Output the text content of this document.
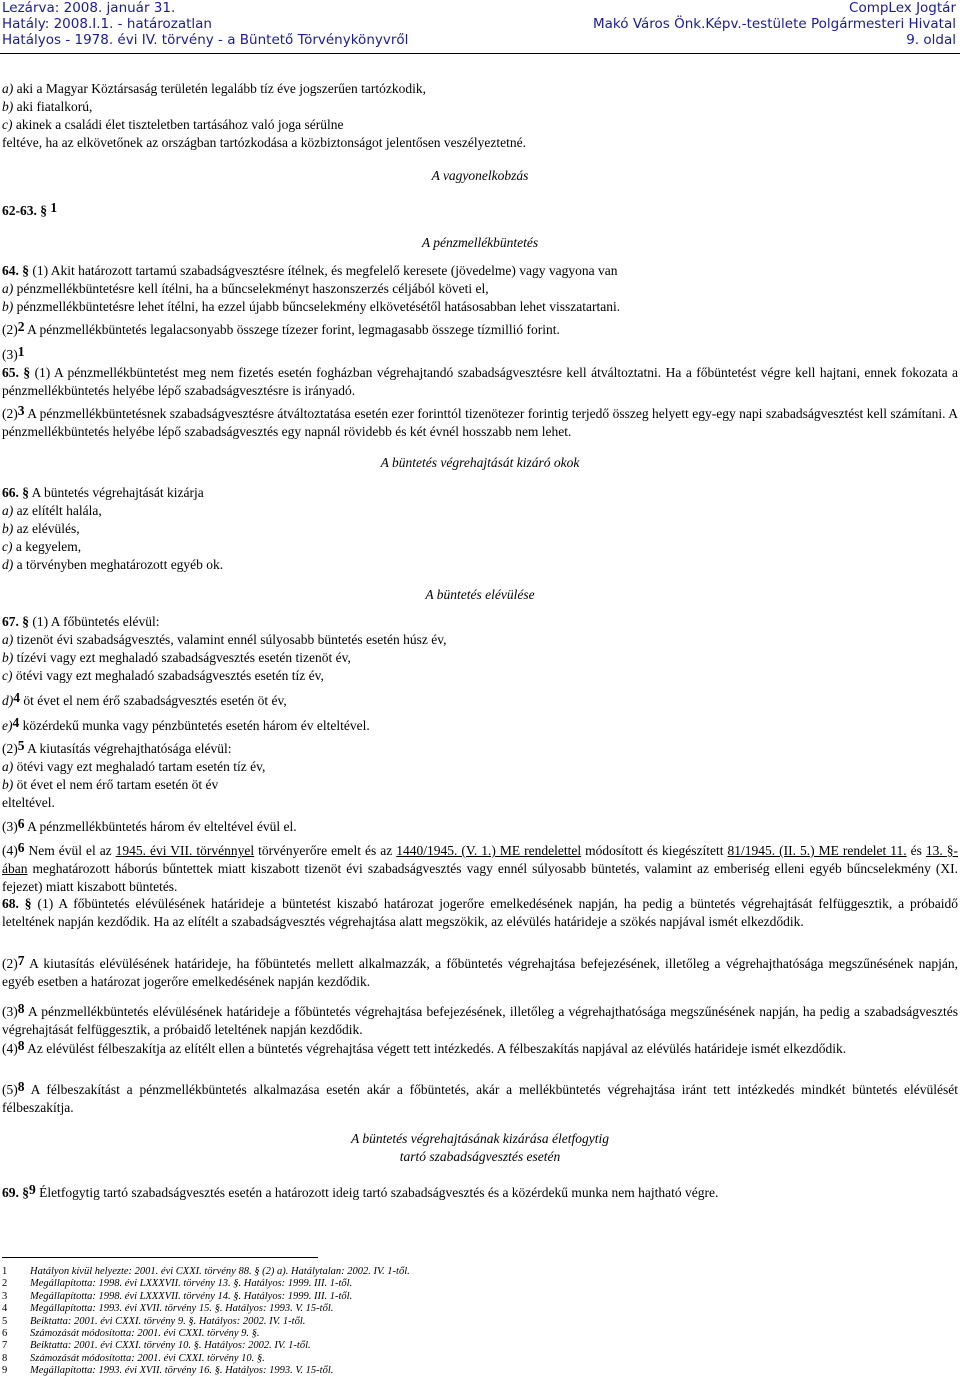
Lezárva: 2008. január 31.
Hatály: 2008.I.1. - határozatlan
Hatályos - 1978. évi IV. törvény - a Büntető Törvénykönyvről
CompLex Jogtár
Makó Város Önk.Képv.-testülete Polgármesteri Hivatal
9. oldal
a) aki a Magyar Köztársaság területén legalább tíz éve jogszerűen tartózkodik,
b) aki fiatalkorú,
c) akinek a családi élet tiszteletben tartásához való joga sérülne
feltéve, ha az elkövetőnek az országban tartózkodása a közbiztonságot jelentősen veszélyeztetné.
A vagyonelkobzás
62-63. § $^1$
A pénzmellékbüntetés
64. § (1) Akit határozott tartamú szabadságvesztésre ítélnek, és megfelelő keresete (jövedelme) vagy vagyona van
a) pénzmellékbüntetésre kell ítélni, ha a bűncselekményt haszonszerzés céljából követi el,
b) pénzmellékbüntetésre lehet ítélni, ha ezzel újabb bűncselekmény elkövetésétől hatásosabban lehet visszatartani.
$(2)^2$ A pénzmellékbüntetés legalacsonyabb összege tízezer forint, legmagasabb összege tízmillió forint.
$(3)^1$
65. § (1) A pénzmellékbüntetést meg nem fizetés esetén fogházban végrehajtandó szabadságvesztésre kell átváltoztatni. Ha a főbüntetést végre kell hajtani, ennek fokozata a pénzmellékbüntetés helyébe lépő szabadságvesztésre is irányadó.
$(2)^3$ A pénzmellékbüntetésnek szabadságvesztésre átváltoztatása esetén ezer forinttól tizenötezer forintig terjedő összeg helyett egy-egy napi szabadságvesztést kell számítani. A pénzmellékbüntetés helyébe lépő szabadságvesztés egy napnál rövidebb és két évnél hosszabb nem lehet.
A büntetés végrehajtását kizáró okok
66. § A büntetés végrehajtását kizárja
a) az elítélt halála,
b) az elévülés,
c) a kegyelem,
d) a törvényben meghatározott egyéb ok.
A büntetés elévülése
67. § (1) A főbüntetés elévül:
a) tizenöt évi szabadságvesztés, valamint ennél súlyosabb büntetés esetén húsz év,
b) tízévi vagy ezt meghaladó szabadságvesztés esetén tizenöt év,
c) ötévi vagy ezt meghaladó szabadságvesztés esetén tíz év,
d)$^4$ öt évet el nem érő szabadságvesztés esetén öt év,
e)$^4$ közérdekű munka vagy pénzbüntetés esetén három év elteltével.
$(2)^5$ A kiutasítás végrehajthatósága elévül:
a) ötévi vagy ezt meghaladó tartam esetén tíz év,
b) öt évet el nem érő tartam esetén öt év
elteltével.
$(3)^6$ A pénzmellékbüntetés három év elteltével évül el.
$(4)^6$ Nem évül el az 1945. évi VII. törvénnyel törvényerőre emelt és az 1440/1945. (V. 1.) ME rendelettel módosított és kiegészített 81/1945. (II. 5.) ME rendelet 11. és 13. §-ában meghatározott háborús bűntettek miatt kiszabott tizenöt évi szabadságvesztés vagy ennél súlyosabb büntetés, valamint az emberiség elleni egyéb bűncselekmény (XI. fejezet) miatt kiszabott büntetés.
68. § (1) A főbüntetés elévülésének határideje a büntetést kiszabó határozat jogerőre emelkedésének napján, ha pedig a büntetés végrehajtását felfüggesztik, a próbaidő leteltének napján kezdődik. Ha az elítélt a szabadságvesztés végrehajtása alatt megszökik, az elévülés határideje a szökés napjával ismét elkezdődik.
$(2)^7$ A kiutasítás elévülésének határideje, ha főbüntetés mellett alkalmazzák, a főbüntetés végrehajtása befejezésének, illetőleg a végrehajthatósága megszűnésének napján, egyéb esetben a határozat jogerőre emelkedésének napján kezdődik.
$(3)^8$ A pénzmellékbüntetés elévülésének határideje a főbüntetés végrehajtása befejezésének, illetőleg a végrehajthatósága megszűnésének napján, ha pedig a szabadságvesztés végrehajtását felfüggesztik, a próbaidő leteltének napján kezdődik.
$(4)^8$ Az elévülést félbeszakítja az elítélt ellen a büntetés végrehajtása végett tett intézkedés. A félbeszakítás napjával az elévülés határideje ismét elkezdődik.
$(5)^8$ A félbeszakítást a pénzmellékbüntetés alkalmazása esetén akár a főbüntetés, akár a mellékbüntetés végrehajtása iránt tett intézkedés mindkét büntetés elévülését félbeszakítja.
A büntetés végrehajtásának kizárása életfogytig
tartó szabadságvesztés esetén
69. §$^9$ Életfogytig tartó szabadságvesztés esetén a határozott ideig tartó szabadságvesztés és a közérdekű munka nem hajtható végre.
1 Hatályon kívül helyezte: 2001. évi CXXI. törvény 88. § (2) a). Hatálytalan: 2002. IV. 1-től.
2 Megállapította: 1998. évi LXXXVII. törvény 13. §. Hatályos: 1999. III. 1-től.
3 Megállapította: 1998. évi LXXXVII. törvény 14. §. Hatályos: 1999. III. 1-től.
4 Megállapította: 1993. évi XVII. törvény 15. §. Hatályos: 1993. V. 15-től.
5 Beiktatta: 2001. évi CXXI. törvény 9. §. Hatályos: 2002. IV. 1-től.
6 Számozását módosította: 2001. évi CXXI. törvény 9. §.
7 Beiktatta: 2001. évi CXXI. törvény 10. §. Hatályos: 2002. IV. 1-től.
8 Számozását módosította: 2001. évi CXXI. törvény 10. §.
9 Megállapította: 1993. évi XVII. törvény 16. §. Hatályos: 1993. V. 15-től.
